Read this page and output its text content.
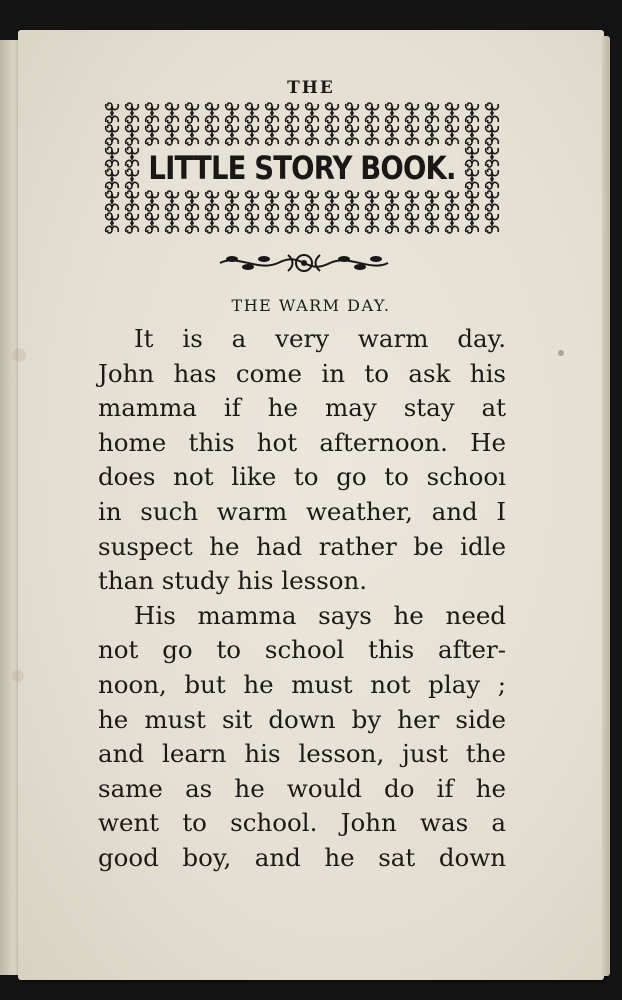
THE
LITTLE STORY BOOK.
THE WARM DAY.
It is a very warm day.
John has come in to ask his
mamma if he may stay at
home this hot afternoon. He
does not like to go to schooı
in such warm weather, and I
suspect he had rather be idle
than study his lesson.
His mamma says he need
not go to school this after-
noon, but he must not play ;
he must sit down by her side
and learn his lesson, just the
same as he would do if he
went to school. John was a
good boy, and he sat down
